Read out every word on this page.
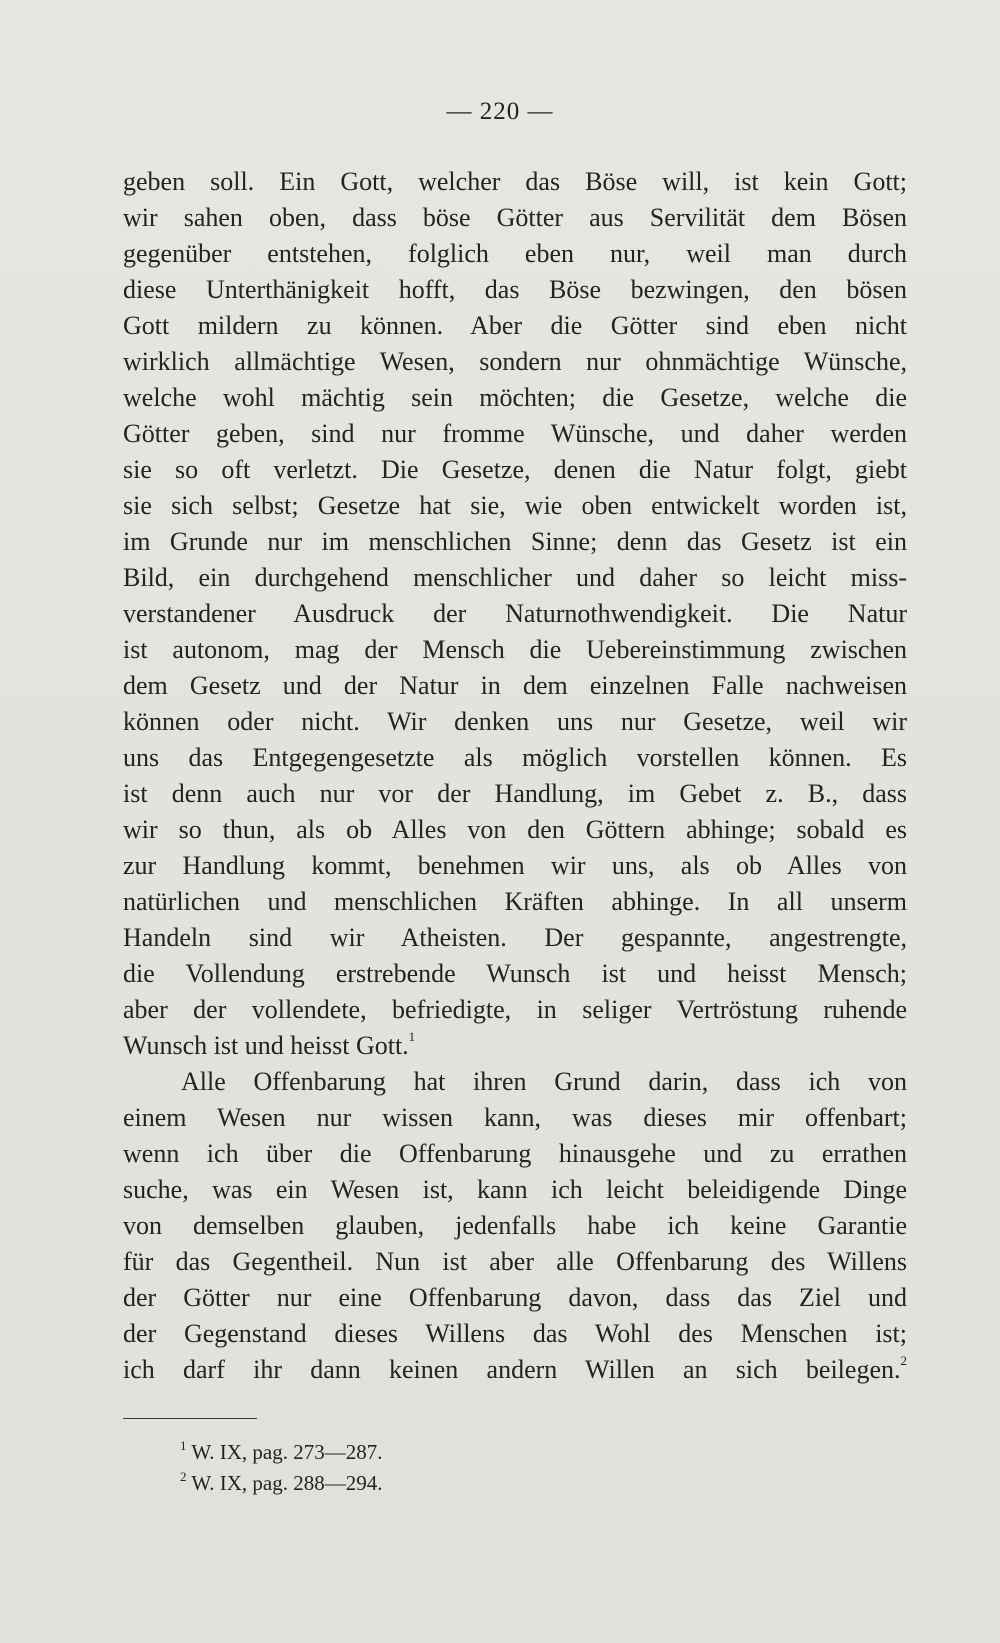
— 220 —
geben soll. Ein Gott, welcher das Böse will, ist kein Gott;
wir sahen oben, dass böse Götter aus Servilität dem Bösen
gegenüber entstehen, folglich eben nur, weil man durch
diese Unterthänigkeit hofft, das Böse bezwingen, den bösen
Gott mildern zu können. Aber die Götter sind eben nicht
wirklich allmächtige Wesen, sondern nur ohnmächtige Wünsche,
welche wohl mächtig sein möchten; die Gesetze, welche die
Götter geben, sind nur fromme Wünsche, und daher werden
sie so oft verletzt. Die Gesetze, denen die Natur folgt, giebt
sie sich selbst; Gesetze hat sie, wie oben entwickelt worden ist,
im Grunde nur im menschlichen Sinne; denn das Gesetz ist ein
Bild, ein durchgehend menschlicher und daher so leicht miss-
verstandener Ausdruck der Naturnothwendigkeit. Die Natur
ist autonom, mag der Mensch die Uebereinstimmung zwischen
dem Gesetz und der Natur in dem einzelnen Falle nachweisen
können oder nicht. Wir denken uns nur Gesetze, weil wir
uns das Entgegengesetzte als möglich vorstellen können. Es
ist denn auch nur vor der Handlung, im Gebet z. B., dass
wir so thun, als ob Alles von den Göttern abhinge; sobald es
zur Handlung kommt, benehmen wir uns, als ob Alles von
natürlichen und menschlichen Kräften abhinge. In all unserm
Handeln sind wir Atheisten. Der gespannte, angestrengte,
die Vollendung erstrebende Wunsch ist und heisst Mensch;
aber der vollendete, befriedigte, in seliger Vertröstung ruhende
Wunsch ist und heisst Gott.$^1$
Alle Offenbarung hat ihren Grund darin, dass ich von
einem Wesen nur wissen kann, was dieses mir offenbart;
wenn ich über die Offenbarung hinausgehe und zu errathen
suche, was ein Wesen ist, kann ich leicht beleidigende Dinge
von demselben glauben, jedenfalls habe ich keine Garantie
für das Gegentheil. Nun ist aber alle Offenbarung des Willens
der Götter nur eine Offenbarung davon, dass das Ziel und
der Gegenstand dieses Willens das Wohl des Menschen ist;
ich darf ihr dann keinen andern Willen an sich beilegen.$^2$
$^1$ W. IX, pag. 273—287.
$^2$ W. IX, pag. 288—294.
